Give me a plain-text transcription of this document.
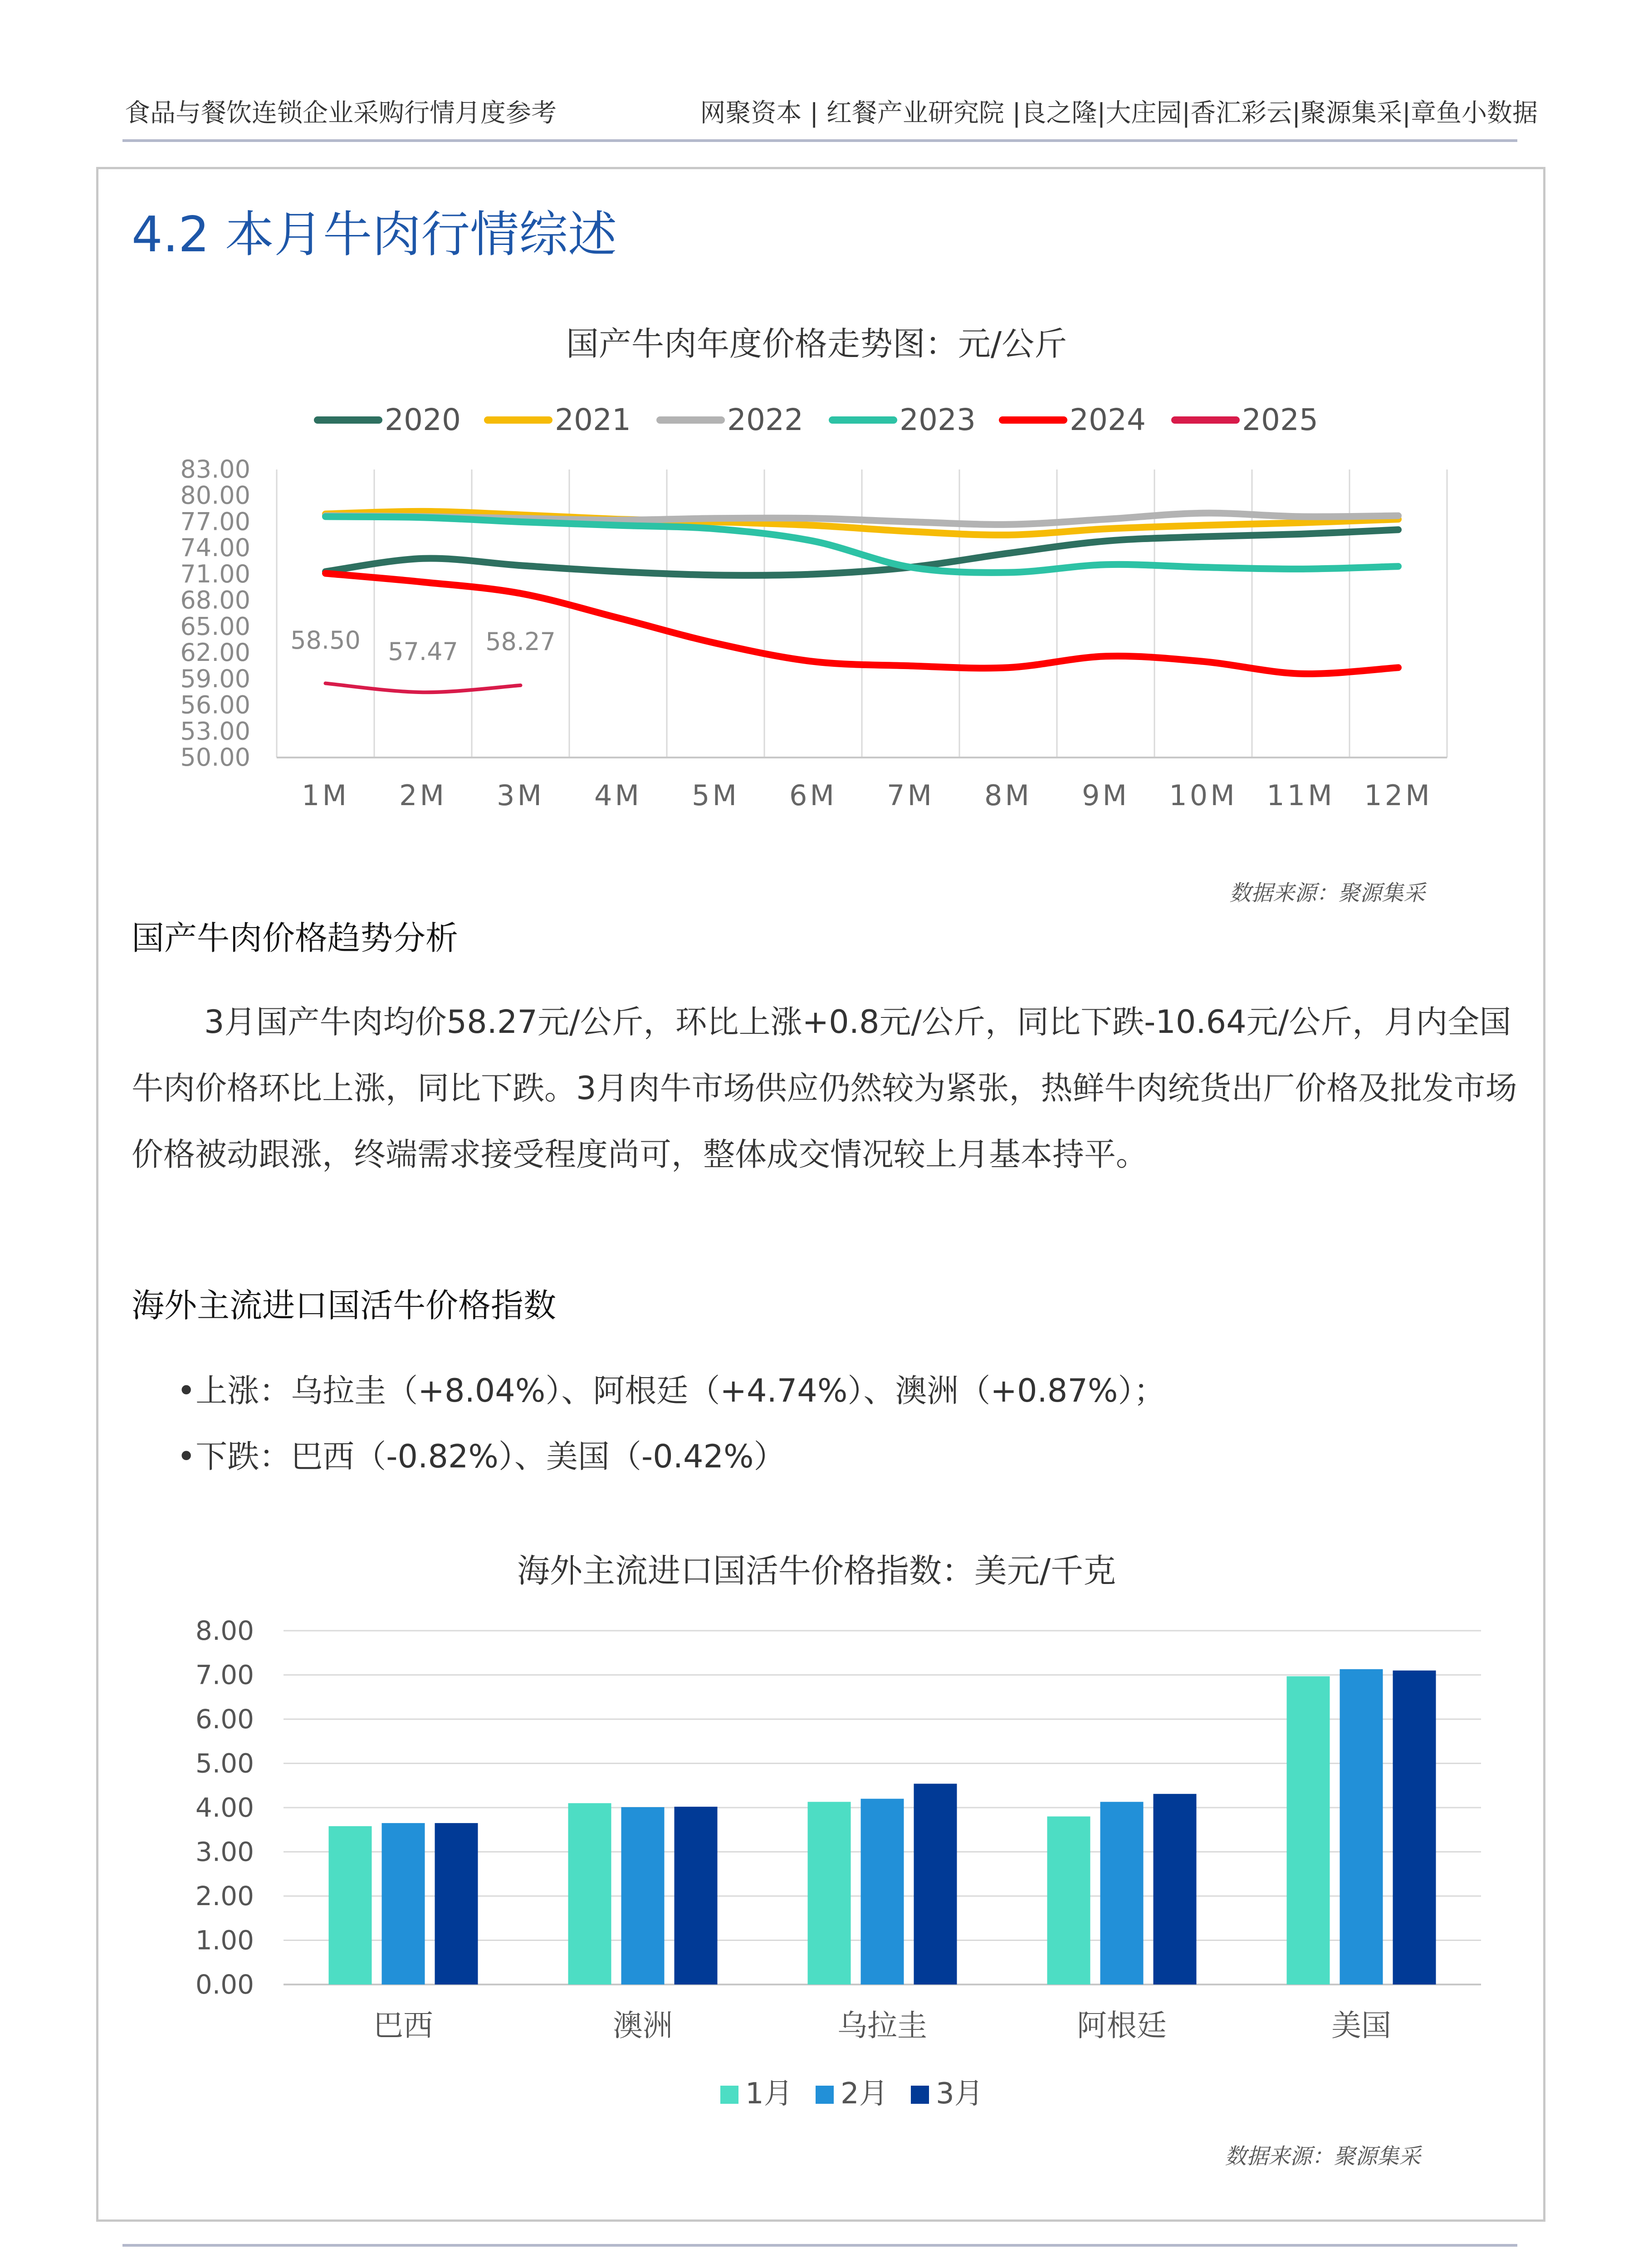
食品与餐饮连锁企业采购行情月度参考	网聚资本 | 红餐产业研究院 |良之隆|大庄园|香汇彩云|聚源集采|章鱼小数据
4.2 本月牛肉行情综述
国产牛肉年度价格走势图：元/公斤
50.00
53.00
56.00
59.00
62.00
65.00
68.00
71.00
74.00
77.00
80.00
83.00
1M 2M 3M 4M 5M 6M 7M 8M 9M 10M 11M 12M
58.50 57.47 58.27
2020	2021	2022	2023	2024	2025
数据来源：聚源集采
国产牛肉价格趋势分析
3月国产牛肉均价58.27元/公斤，环比上涨+0.8元/公斤，同比下跌-10.64元/公斤，月内全国牛肉价格环比上涨，同比下跌。3月肉牛市场供应仍然较为紧张，热鲜牛肉统货出厂价格及批发市场价格被动跟涨，终端需求接受程度尚可，整体成交情况较上月基本持平。
海外主流进口国活牛价格指数
•上涨：乌拉圭（+8.04%）、阿根廷（+4.74%）、澳洲（+0.87%）；
•下跌：巴西（-0.82%）、美国（-0.42%）
海外主流进口国活牛价格指数：美元/千克
0.00
1.00
2.00
3.00
4.00
5.00
6.00
7.00
8.00
巴西	澳洲	乌拉圭	阿根廷	美国
1月 2月 3月
数据来源：聚源集采
